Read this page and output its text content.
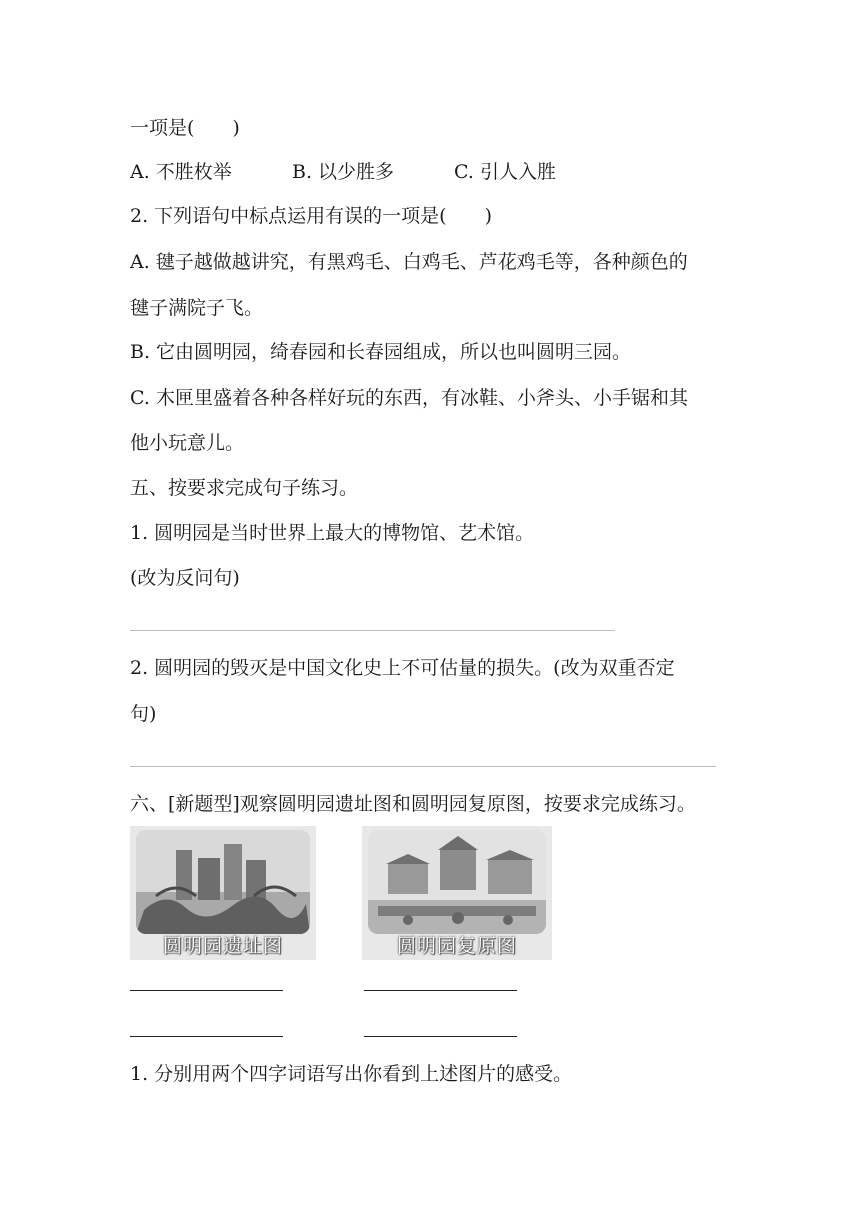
一项是(　　)
A. 不胜枚举	B. 以少胜多	C. 引人入胜
2. 下列语句中标点运用有误的一项是(　　)
A. 毽子越做越讲究，有黑鸡毛、白鸡毛、芦花鸡毛等，各种颜色的
毽子满院子飞。
B. 它由圆明园，绮春园和长春园组成，所以也叫圆明三园。
C. 木匣里盛着各种各样好玩的东西，有冰鞋、小斧头、小手锯和其
他小玩意儿。
五、按要求完成句子练习。
1. 圆明园是当时世界上最大的博物馆、艺术馆。
(改为反问句)
2. 圆明园的毁灭是中国文化史上不可估量的损失。(改为双重否定
句)
六、[新题型]观察圆明园遗址图和圆明园复原图，按要求完成练习。
圆明园遗址图	圆明园复原图
1. 分别用两个四字词语写出你看到上述图片的感受。
